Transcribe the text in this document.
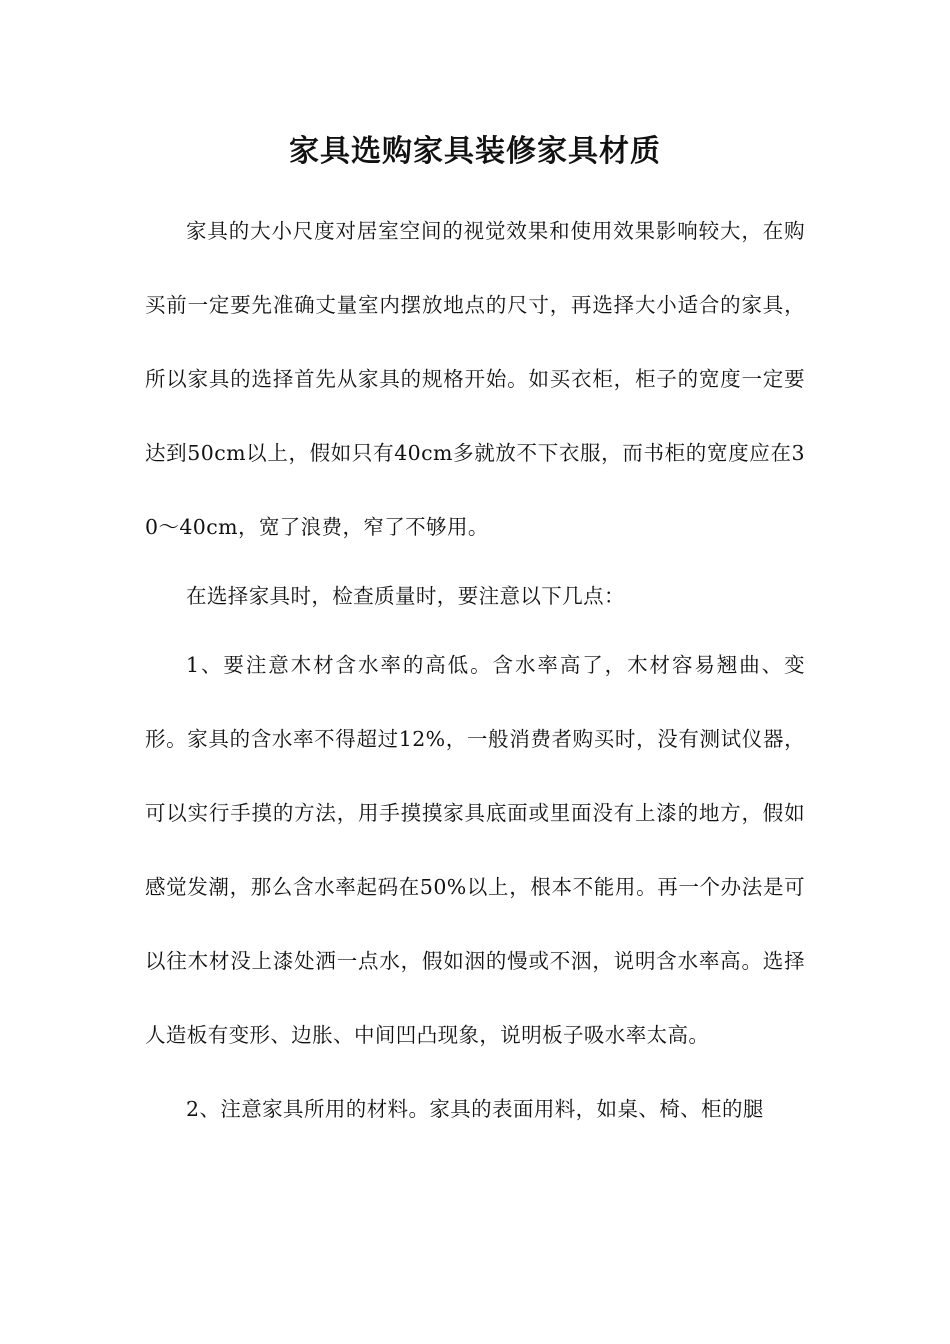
家具选购家具装修家具材质

家具的大小尺度对居室空间的视觉效果和使用效果影响较大，在购买前一定要先准确丈量室内摆放地点的尺寸，再选择大小适合的家具，所以家具的选择首先从家具的规格开始。如买衣柜，柜子的宽度一定要达到50cm以上，假如只有40cm多就放不下衣服，而书柜的宽度应在30～40cm，宽了浪费，窄了不够用。

在选择家具时，检查质量时，要注意以下几点：

1、要注意木材含水率的高低。含水率高了，木材容易翘曲、变形。家具的含水率不得超过12%，一般消费者购买时，没有测试仪器，可以实行手摸的方法，用手摸摸家具底面或里面没有上漆的地方，假如感觉发潮，那么含水率起码在50%以上，根本不能用。再一个办法是可以往木材没上漆处洒一点水，假如洇的慢或不洇，说明含水率高。选择人造板有变形、边胀、中间凹凸现象，说明板子吸水率太高。

2、注意家具所用的材料。家具的表面用料，如桌、椅、柜的腿
